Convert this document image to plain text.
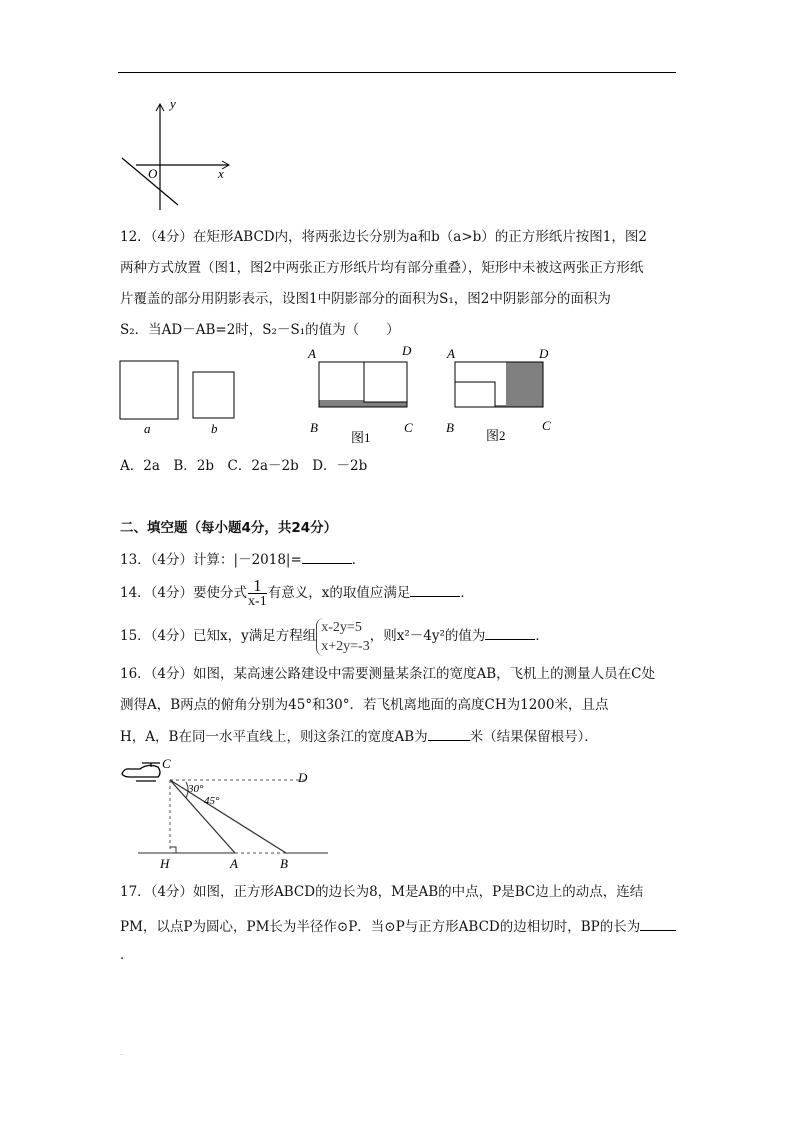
y
x
O
12．（4分）在矩形ABCD内，将两张边长分别为a和b（a>b）的正方形纸片按图1，图2
两种方式放置（图1，图2中两张正方形纸片均有部分重叠），矩形中未被这两张正方形纸
片覆盖的部分用阴影表示，设图1中阴影部分的面积为S₁，图2中阴影部分的面积为
S₂．当AD－AB=2时，S₂－S₁的值为（　　）
a	b
A	D
B	C
图1
A	D
B	C
图2
A．2a　B．2b　C．2a－2b　D．－2b
二、填空题（每小题4分，共24分）
13．（4分）计算：|－2018|=	．
14．（4分）要使分式 $\frac{1}{x-1}$ 有意义，x的取值应满足	．
15．（4分）已知x，y满足方程组
x-2y=5
x+2y=-3
，则x²－4y²的值为	．
16．（4分）如图，某高速公路建设中需要测量某条江的宽度AB，飞机上的测量人员在C处
测得A，B两点的俯角分别为45°和30°．若飞机离地面的高度CH为1200米，且点
H，A，B在同一水平直线上，则这条江的宽度AB为	米（结果保留根号）．
C
D
30°
45°
H	A	B
17．（4分）如图，正方形ABCD的边长为8，M是AB的中点，P是BC边上的动点，连结
PM，以点P为圆心，PM长为半径作⊙P．当⊙P与正方形ABCD的边相切时，BP的长为
．
.
